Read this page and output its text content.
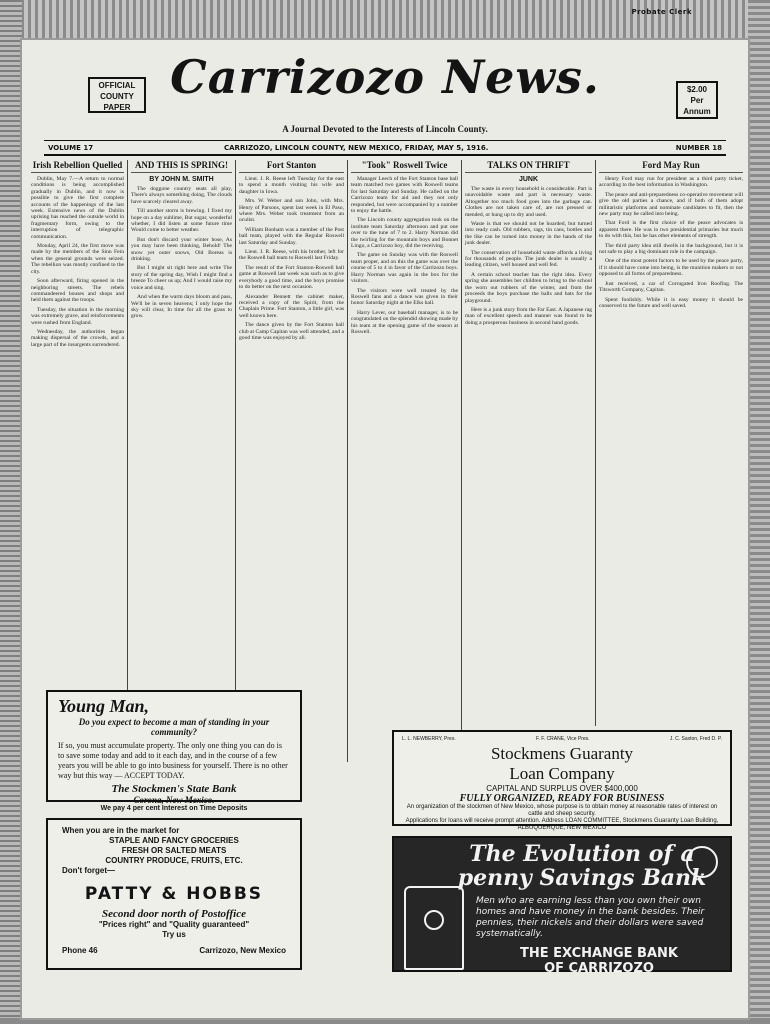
Probate Clerk
OFFICIAL
COUNTY
PAPER
Carrizozo News.	$2.00
Per
Annum
A Journal Devoted to the Interests of Lincoln County.
VOLUME 17	CARRIZOZO, LINCOLN COUNTY, NEW MEXICO, FRIDAY, MAY 5, 1916.	NUMBER 18
Irish Rebellion Quelled

Dublin, May 7.—A return to normal conditions is being accomplished gradually in Dublin, and it now is possible to give the first complete accounts of the happenings of the last week. Extensive news of the Dublin uprising has reached the outside world in fragmentary form, owing to the interruption of telegraphic communication.

Monday, April 24, the first move was made by the members of the Sinn Fein when the general grounds were seized. The rebellion was mostly confined to the city.

Soon afterward, firing opened in the neighboring streets. The rebels commandeered houses and shops and held them against the troops.

Tuesday, the situation in the morning was extremely grave, and reinforcements were rushed from England.

Wednesday, the authorities began making dispersal of the crowds, and a large part of the insurgents surrendered.

AND THIS IS SPRING!
BY JOHN M. SMITH

The doggone country seats all play, There's always something doing, The clouds have scarcely cleared away.

Till another storm is brewing. I fixed my hope on a day sublime, But sugar, wonderful whether, I did listen at some future time Would come to better weather.

But don't discard your winter hose, As you may have been thinking, Behold! The snow yet outer snows, Old Boreas is drinking.

But I might sit right here and write The story of the spring day, Wish I might find a breeze To cheer us up; And I would raise my voice and sing.

And when the warm days bloom and pass, We'll be in seven heavens; I only hope the sky will clear, In time for all the grass to grow.

Fort Stanton

Lieut. J. R. Reese left Tuesday for the east to spend a month visiting his wife and daughter in Iowa.

Mrs. W. Weber and son John, with Mrs. Henry of Parsons, spent last week in El Paso, where Mrs. Weber took treatment from an oculist.

William Bonham was a member of the Post ball team, played with the Regular Roswell last Saturday and Sunday.

Lieut. J. R. Reese, with his brother, left for the Roswell ball team to Roswell last Friday.

The result of the Fort Stanton-Roswell ball game at Roswell last week was such as to give everybody a good time, and the boys promise to do better on the next occasion.

Alexander Bennett the cabinet maker, received a copy of the Spirit, from the Chaplain Prime. Fort Stanton, a little girl, was well known here.

The dance given by the Fort Stanton ball club at Camp Capitan was well attended, and a good time was enjoyed by all.

"Took" Roswell Twice

Manager Leech of the Fort Stanton base ball team matched two games with Roswell teams for last Saturday and Sunday. He called on the Carrizozo team for aid and they not only responded, but were accompanied by a number to enjoy the battle.

The Lincoln county aggregation took on the institute team Saturday afternoon and put one over to the tune of 7 to 2. Harry Norman did the twirling for the mountain boys and Bonnet Lingo, a Carrizozo boy, did the receiving.

The game on Sunday was with the Roswell team proper, and on this the game was over the course of 5 to 4 in favor of the Carrizozo boys. Harry Norman was again in the box for the visitors.

The visitors were well treated by the Roswell fans and a dance was given in their honor Saturday night at the Elks hall.

Harry Lever, our baseball manager, is to be congratulated on the splendid showing made by his team at the opening game of the season at Roswell.

TALKS ON THRIFT
JUNK

The waste in every household is considerable. Part is unavoidable waste and part is necessary waste. Altogether too much food goes into the garbage can. Clothes are not taken care of, are not pressed or mended, or hung up to dry and used.

Waste is that we should not be hoarded, but turned into ready cash. Old rubbers, rags, tin cans, bottles and the like can be turned into money in the hands of the junk dealer.

The conservation of household waste affords a living for thousands of people. The junk dealer is usually a leading citizen, well housed and well fed.

A certain school teacher has the right idea. Every spring she assembles her children to bring to the school the worn out rubbers of the winter, and from the proceeds the boys purchase the balls and bats for the playground.

Here is a junk story from the Far East. A Japanese rag man of excellent speech and manner was found to be doing a prosperous business in second hand goods.

Ford May Run

Henry Ford may run for president as a third party ticket, according to the best information in Washington.

The peace and anti-preparedness co-operative movement will give the old parties a chance, and if both of them adopt militaristic platforms and nominate candidates to fit, then the new party may be called into being.

That Ford is the first choice of the peace advocates is apparent there. He was in two presidential primaries but much to do with this, but he has other elements of strength.

The third party idea still dwells in the background, but it is not safe to play a big dominant role in the campaign.

One of the most potent factors to be used by the peace party, if it should have come into being, is the munition makers or not opposed to all forms of preparedness.

Just received, a car of Corrugated Iron Roofing. The Titsworth Company, Capitan.

Spent foolishly. While it is easy money it should be conserved to the future and well saved.

Young Man,
Do you expect to become a man of standing in your community?
If so, you must accumulate property. The only one thing you can do is to save some today and add to it each day, and in the course of a few years you will be able to go into business for yourself. There is no other way but this way — ACCEPT TODAY.
The Stockmen's State Bank
Corona, New Mexico.
We pay 4 per cent Interest on Time Deposits
When you are in the market for
STAPLE AND FANCY GROCERIES
FRESH OR SALTED MEATS
COUNTRY PRODUCE, FRUITS, ETC.
Don't forget—
PATTY & HOBBS
Second door north of Postoffice
"Prices right" and "Quality guaranteed"
Try us
Phone 46	Carrizozo, New Mexico
L. L. NEWBERRY, Pres.	F. F. CRANE, Vice Pres.	J. C. Saxton, Fred D. P.
Stockmens Guaranty
Loan Company
CAPITAL AND SURPLUS OVER $400,000
FULLY ORGANIZED, READY FOR BUSINESS
An organization of the stockmen of New Mexico, whose purpose is to obtain money at reasonable rates of interest on cattle and sheep security.
Applications for loans will receive prompt attention. Address LOAN COMMITTEE, Stockmens Guaranty Loan Building, ALBUQUERQUE, NEW MEXICO
The Evolution of a penny Savings Bank
Men who are earning less than you own their own homes and have money in the bank besides. Their pennies, their nickels and their dollars were saved systematically.
THE EXCHANGE BANK
OF CARRIZOZO
